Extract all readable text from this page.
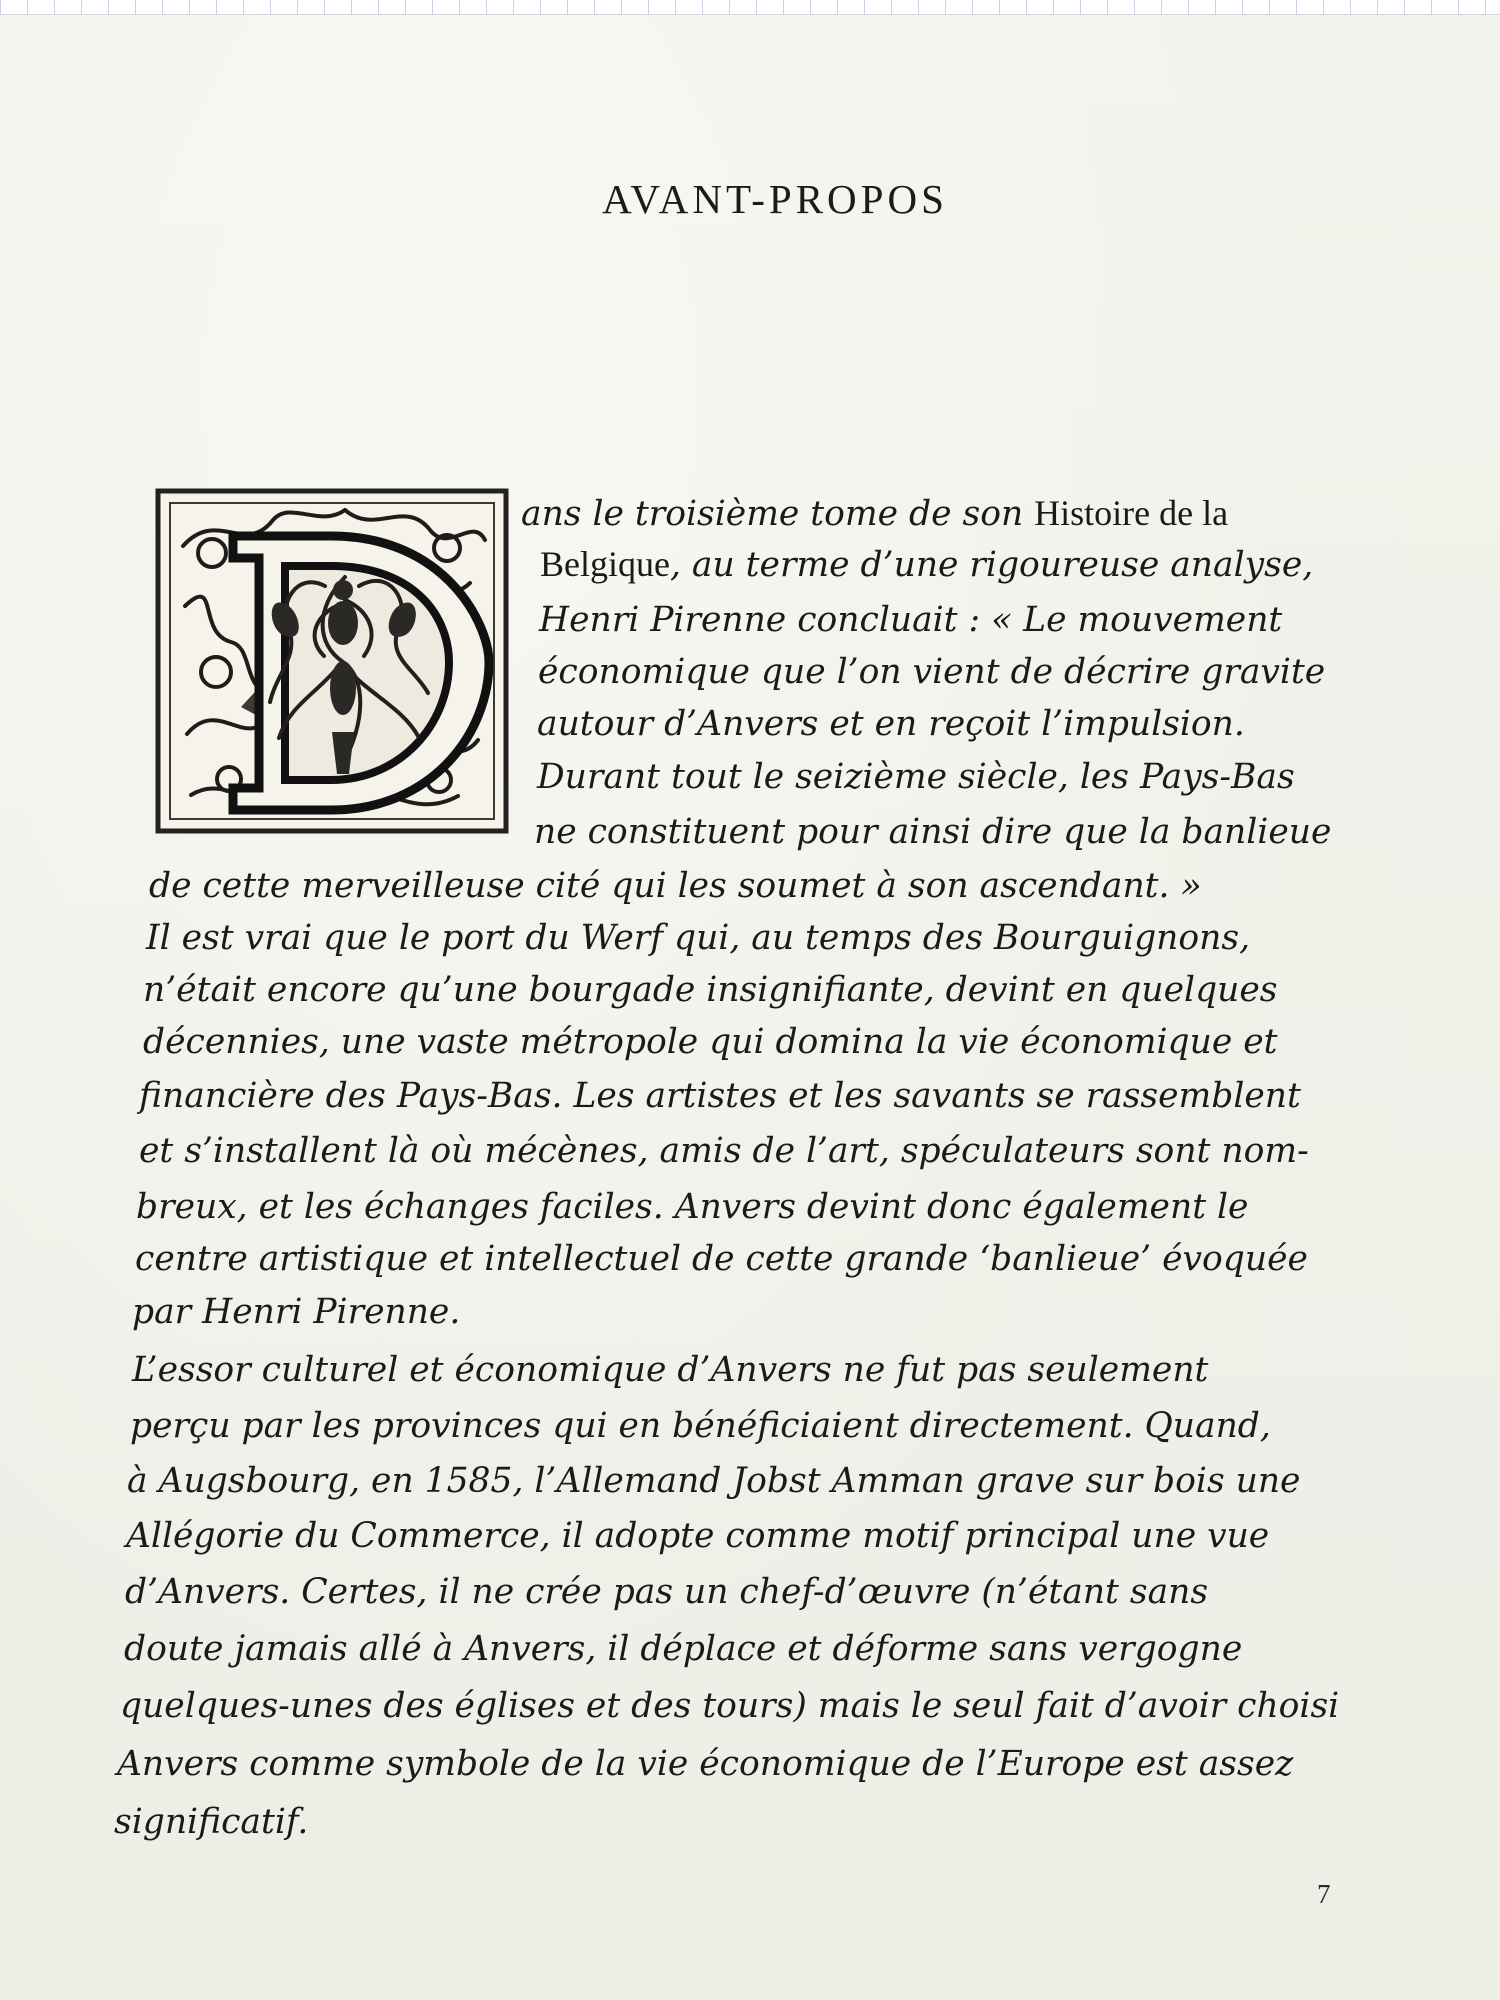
AVANT-PROPOS
ans le troisième tome de son Histoire de la
Belgique, au terme d’une rigoureuse analyse,
Henri Pirenne concluait : « Le mouvement
économique que l’on vient de décrire gravite
autour d’Anvers et en reçoit l’impulsion.
Durant tout le seizième siècle, les Pays-Bas
ne constituent pour ainsi dire que la banlieue
de cette merveilleuse cité qui les soumet à son ascendant. »
Il est vrai que le port du Werf qui, au temps des Bourguignons,
n’était encore qu’une bourgade insignifiante, devint en quelques
décennies, une vaste métropole qui domina la vie économique et
financière des Pays-Bas. Les artistes et les savants se rassemblent
et s’installent là où mécènes, amis de l’art, spéculateurs sont nom-
breux, et les échanges faciles. Anvers devint donc également le
centre artistique et intellectuel de cette grande ‘banlieue’ évoquée
par Henri Pirenne.
L’essor culturel et économique d’Anvers ne fut pas seulement
perçu par les provinces qui en bénéficiaient directement. Quand,
à Augsbourg, en 1585, l’Allemand Jobst Amman grave sur bois une
Allégorie du Commerce, il adopte comme motif principal une vue
d’Anvers. Certes, il ne crée pas un chef-d’œuvre (n’étant sans
doute jamais allé à Anvers, il déplace et déforme sans vergogne
quelques-unes des églises et des tours) mais le seul fait d’avoir choisi
Anvers comme symbole de la vie économique de l’Europe est assez
significatif.
7
